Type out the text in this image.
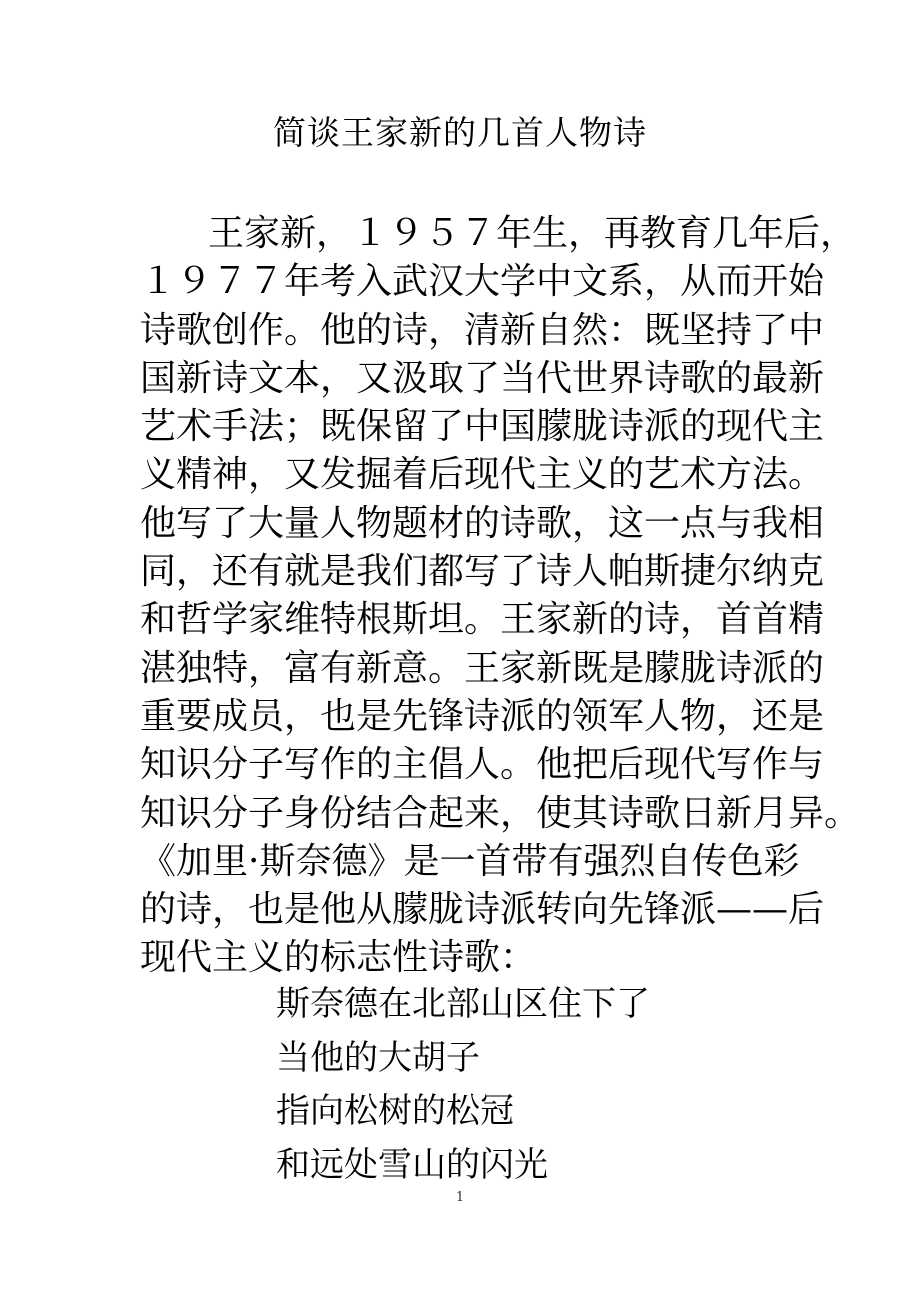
简谈王家新的几首人物诗
王家新，１９５７年生，再教育几年后，
１９７７年考入武汉大学中文系，从而开始
诗歌创作。他的诗，清新自然：既坚持了中
国新诗文本，又汲取了当代世界诗歌的最新
艺术手法；既保留了中国朦胧诗派的现代主
义精神，又发掘着后现代主义的艺术方法。
他写了大量人物题材的诗歌，这一点与我相
同，还有就是我们都写了诗人帕斯捷尔纳克
和哲学家维特根斯坦。王家新的诗，首首精
湛独特，富有新意。王家新既是朦胧诗派的
重要成员，也是先锋诗派的领军人物，还是
知识分子写作的主倡人。他把后现代写作与
知识分子身份结合起来，使其诗歌日新月异。
《加里·斯奈德》是一首带有强烈自传色彩
的诗，也是他从朦胧诗派转向先锋派——后
现代主义的标志性诗歌：
斯奈德在北部山区住下了
当他的大胡子
指向松树的松冠
和远处雪山的闪光
1
